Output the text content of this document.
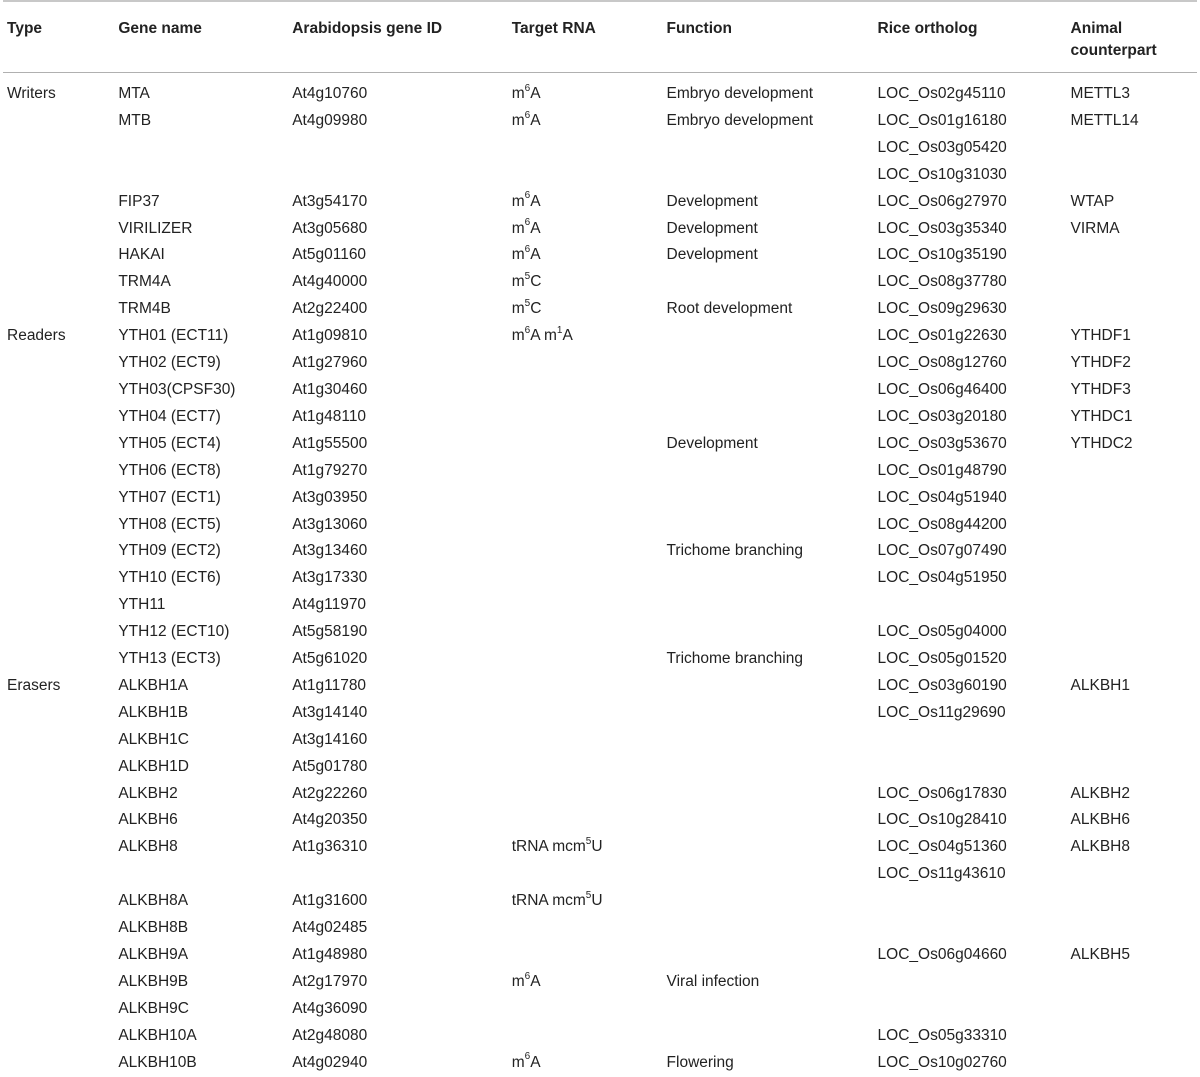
Type	Gene name	Arabidopsis gene ID	Target RNA	Function	Rice ortholog	Animal counterpart
Writers	MTA	At4g10760	$m^6A$	Embryo development	LOC_Os02g45110	METTL3
	MTB	At4g09980	$m^6A$	Embryo development	LOC_Os01g16180	METTL14
					LOC_Os03g05420	
					LOC_Os10g31030	
	FIP37	At3g54170	$m^6A$	Development	LOC_Os06g27970	WTAP
	VIRILIZER	At3g05680	$m^6A$	Development	LOC_Os03g35340	VIRMA
	HAKAI	At5g01160	$m^6A$	Development	LOC_Os10g35190	
	TRM4A	At4g40000	$m^5C$		LOC_Os08g37780	
	TRM4B	At2g22400	$m^5C$	Root development	LOC_Os09g29630	
Readers	YTH01 (ECT11)	At1g09810	$m^6A$ $m^1A$		LOC_Os01g22630	YTHDF1
	YTH02 (ECT9)	At1g27960			LOC_Os08g12760	YTHDF2
	YTH03(CPSF30)	At1g30460			LOC_Os06g46400	YTHDF3
	YTH04 (ECT7)	At1g48110			LOC_Os03g20180	YTHDC1
	YTH05 (ECT4)	At1g55500		Development	LOC_Os03g53670	YTHDC2
	YTH06 (ECT8)	At1g79270			LOC_Os01g48790	
	YTH07 (ECT1)	At3g03950			LOC_Os04g51940	
	YTH08 (ECT5)	At3g13060			LOC_Os08g44200	
	YTH09 (ECT2)	At3g13460		Trichome branching	LOC_Os07g07490	
	YTH10 (ECT6)	At3g17330			LOC_Os04g51950	
	YTH11	At4g11970				
	YTH12 (ECT10)	At5g58190			LOC_Os05g04000	
	YTH13 (ECT3)	At5g61020		Trichome branching	LOC_Os05g01520	
Erasers	ALKBH1A	At1g11780			LOC_Os03g60190	ALKBH1
	ALKBH1B	At3g14140			LOC_Os11g29690	
	ALKBH1C	At3g14160				
	ALKBH1D	At5g01780				
	ALKBH2	At2g22260			LOC_Os06g17830	ALKBH2
	ALKBH6	At4g20350			LOC_Os10g28410	ALKBH6
	ALKBH8	At1g36310	tRNA mcm$^5$U		LOC_Os04g51360	ALKBH8
					LOC_Os11g43610	
	ALKBH8A	At1g31600	tRNA mcm$^5$U			
	ALKBH8B	At4g02485				
	ALKBH9A	At1g48980			LOC_Os06g04660	ALKBH5
	ALKBH9B	At2g17970	$m^6A$	Viral infection		
	ALKBH9C	At4g36090				
	ALKBH10A	At2g48080			LOC_Os05g33310	
	ALKBH10B	At4g02940	$m^6A$	Flowering	LOC_Os10g02760	
